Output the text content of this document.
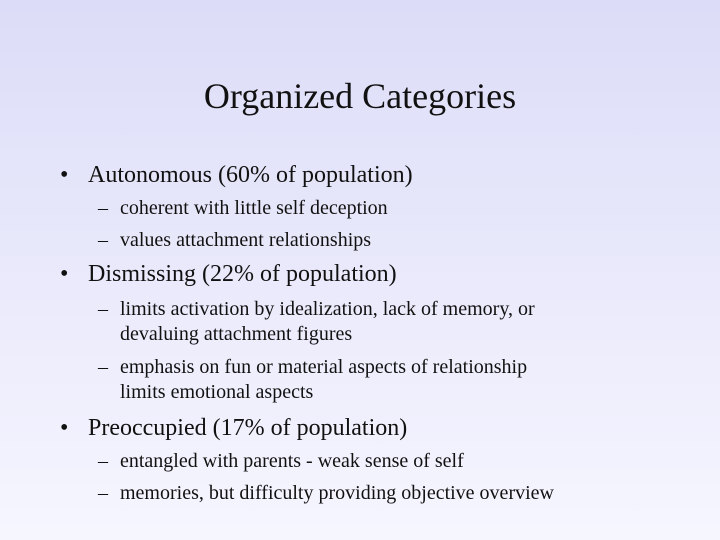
Organized Categories
• Autonomous (60% of population)
– coherent with little self deception
– values attachment relationships
• Dismissing (22% of population)
– limits activation by idealization, lack of memory, or
devaluing attachment figures
– emphasis on fun or material aspects of relationship
limits emotional aspects
• Preoccupied (17% of population)
– entangled with parents - weak sense of self
– memories, but difficulty providing objective overview
